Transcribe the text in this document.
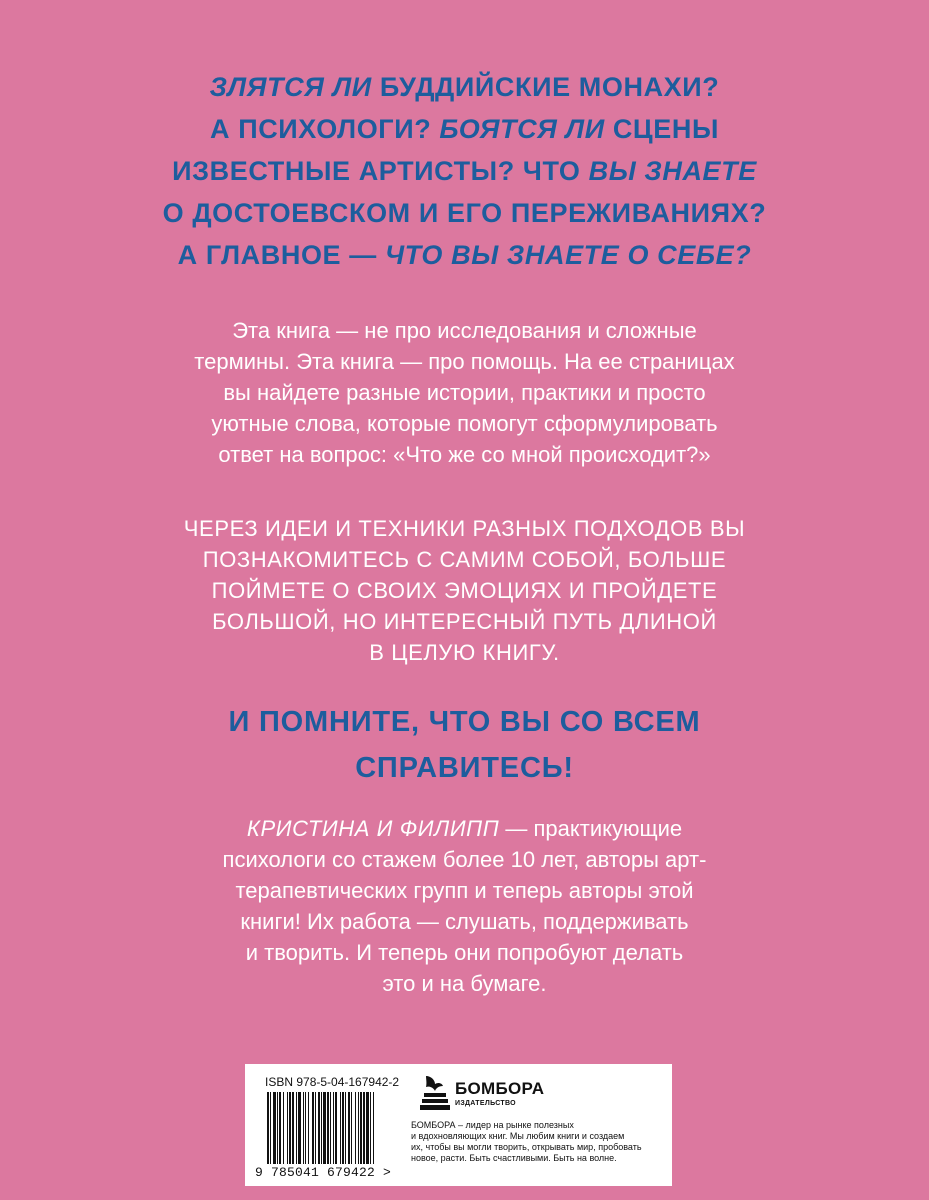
ЗЛЯТСЯ ЛИ БУДДИЙСКИЕ МОНАХИ?
А ПСИХОЛОГИ? БОЯТСЯ ЛИ СЦЕНЫ
ИЗВЕСТНЫЕ АРТИСТЫ? ЧТО ВЫ ЗНАЕТЕ
О ДОСТОЕВСКОМ И ЕГО ПЕРЕЖИВАНИЯХ?
А ГЛАВНОЕ — ЧТО ВЫ ЗНАЕТЕ О СЕБЕ?
Эта книга — не про исследования и сложные
термины. Эта книга — про помощь. На ее страницах
вы найдете разные истории, практики и просто
уютные слова, которые помогут сформулировать
ответ на вопрос: «Что же со мной происходит?»
ЧЕРЕЗ ИДЕИ И ТЕХНИКИ РАЗНЫХ ПОДХОДОВ ВЫ
ПОЗНАКОМИТЕСЬ С САМИМ СОБОЙ, БОЛЬШЕ
ПОЙМЕТЕ О СВОИХ ЭМОЦИЯХ И ПРОЙДЕТЕ
БОЛЬШОЙ, НО ИНТЕРЕСНЫЙ ПУТЬ ДЛИНОЙ
В ЦЕЛУЮ КНИГУ.
И ПОМНИТЕ, ЧТО ВЫ СО ВСЕМ
СПРАВИТЕСЬ!
КРИСТИНА И ФИЛИПП — практикующие
психологи со стажем более 10 лет, авторы арт-
терапевтических групп и теперь авторы этой
книги! Их работа — слушать, поддерживать
и творить. И теперь они попробуют делать
это и на бумаге.
ISBN 978-5-04-167942-2
9 785041 679422 >
БОМБОРА
ИЗДАТЕЛЬСТВО
БОМБОРА – лидер на рынке полезных
и вдохновляющих книг. Мы любим книги и создаем
их, чтобы вы могли творить, открывать мир, пробовать
новое, расти. Быть счастливыми. Быть на волне.
